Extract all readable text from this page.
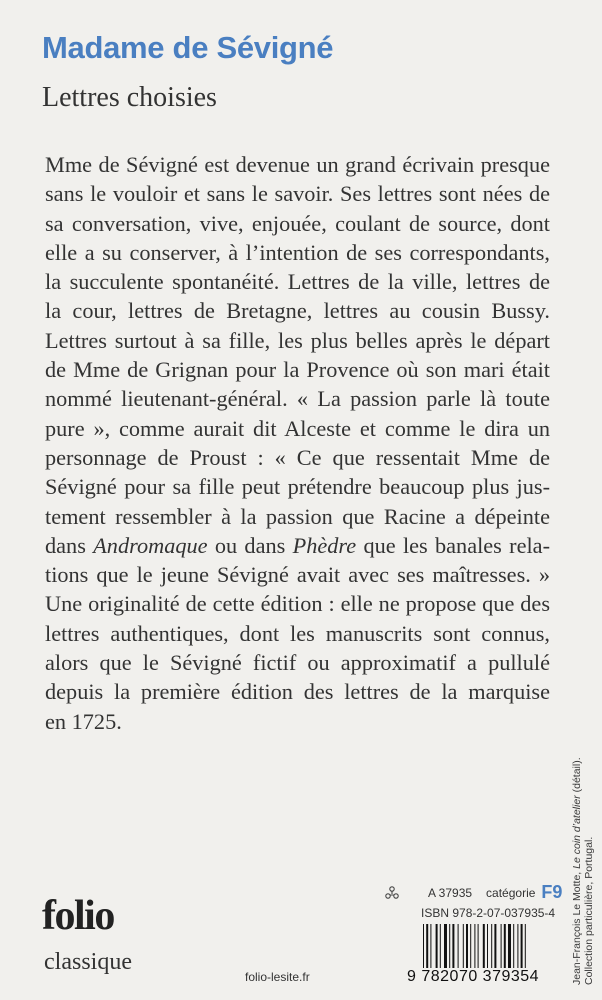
Madame de Sévigné
Lettres choisies
Mme de Sévigné est devenue un grand écrivain presque
sans le vouloir et sans le savoir. Ses lettres sont nées de
sa conversation, vive, enjouée, coulant de source, dont
elle a su conserver, à l’intention de ses correspondants,
la succulente spontanéité. Lettres de la ville, lettres de
la cour, lettres de Bretagne, lettres au cousin Bussy.
Lettres surtout à sa fille, les plus belles après le départ
de Mme de Grignan pour la Provence où son mari était
nommé lieutenant-général. « La passion parle là toute
pure », comme aurait dit Alceste et comme le dira un
personnage de Proust : « Ce que ressentait Mme de
Sévigné pour sa fille peut prétendre beaucoup plus jus-
tement ressembler à la passion que Racine a dépeinte
dans Andromaque ou dans Phèdre que les banales rela-
tions que le jeune Sévigné avait avec ses maîtresses. »
Une originalité de cette édition : elle ne propose que des
lettres authentiques, dont les manuscrits sont connus,
alors que le Sévigné fictif ou approximatif a pullulé
depuis la première édition des lettres de la marquise
en 1725.
Jean-François Le Motte, Le coin d’atelier (détail).
Collection particulière, Portugal.
A 37935 catégorie F9
ISBN 978-2-07-037935-4
9 782070 379354
folio
classique
folio-lesite.fr
